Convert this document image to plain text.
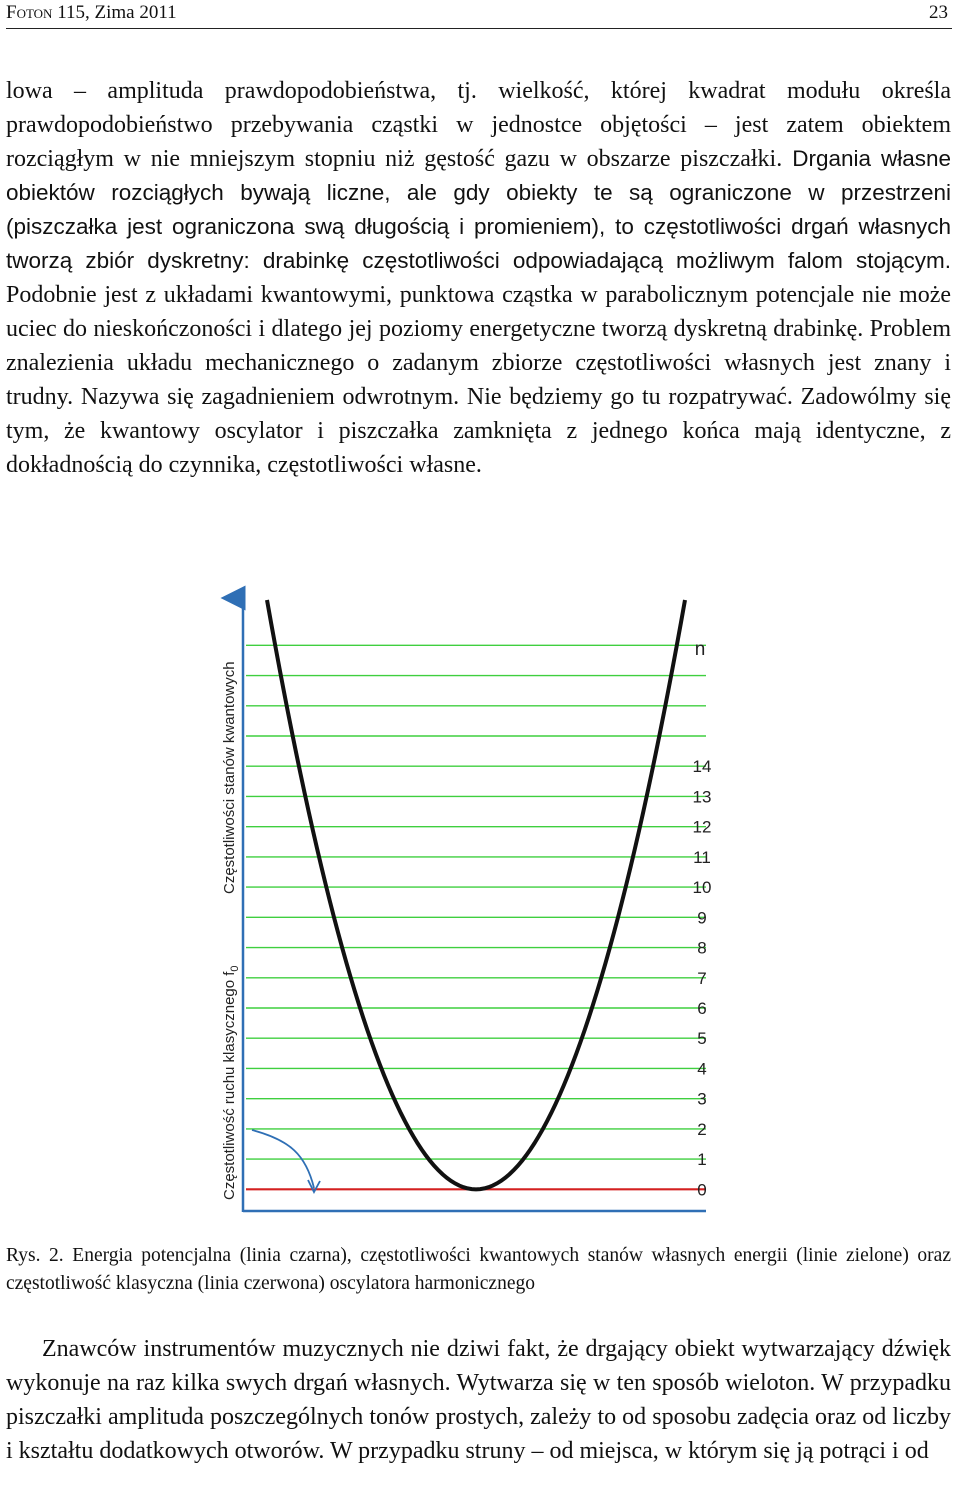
Foton 115, Zima 2011	23

lowa – amplituda prawdopodobieństwa, tj. wielkość, której kwadrat modułu określa prawdopodobieństwo przebywania cząstki w jednostce objętości – jest zatem obiektem rozciągłym w nie mniejszym stopniu niż gęstość gazu w obszarze piszczałki. Drgania własne obiektów rozciągłych bywają liczne, ale gdy obiekty te są ograniczone w przestrzeni (piszczałka jest ograniczona swą długością i promieniem), to częstotliwości drgań własnych tworzą zbiór dyskretny: drabinkę częstotliwości odpowiadającą możliwym falom stojącym. Podobnie jest z układami kwantowymi, punktowa cząstka w parabolicznym potencjale nie może uciec do nieskończoności i dlatego jej poziomy energetyczne tworzą dyskretną drabinkę. Problem znalezienia układu mechanicznego o zadanym zbiorze częstotliwości własnych jest znany i trudny. Nazywa się zagadnieniem odwrotnym. Nie będziemy go tu rozpatrywać. Zadowólmy się tym, że kwantowy oscylator i piszczałka zamknięta z jednego końca mają identyczne, z dokładnością do czynnika, częstotliwości własne.

Częstotliwość ruchu klasycznego $f_0$
Częstotliwości stanów kwantowych
1
2
3
4
5
6
7
8
9
10
11
12
13
14
0
n

Rys. 2. Energia potencjalna (linia czarna), częstotliwości kwantowych stanów własnych energii (linie zielone) oraz częstotliwość klasyczna (linia czerwona) oscylatora harmonicznego

Znawców instrumentów muzycznych nie dziwi fakt, że drgający obiekt wytwarzający dźwięk wykonuje na raz kilka swych drgań własnych. Wytwarza się w ten sposób wieloton. W przypadku piszczałki amplituda poszczególnych tonów prostych, zależy to od sposobu zadęcia oraz od liczby i kształtu dodatkowych otworów. W przypadku struny – od miejsca, w którym się ją potrąci i od
